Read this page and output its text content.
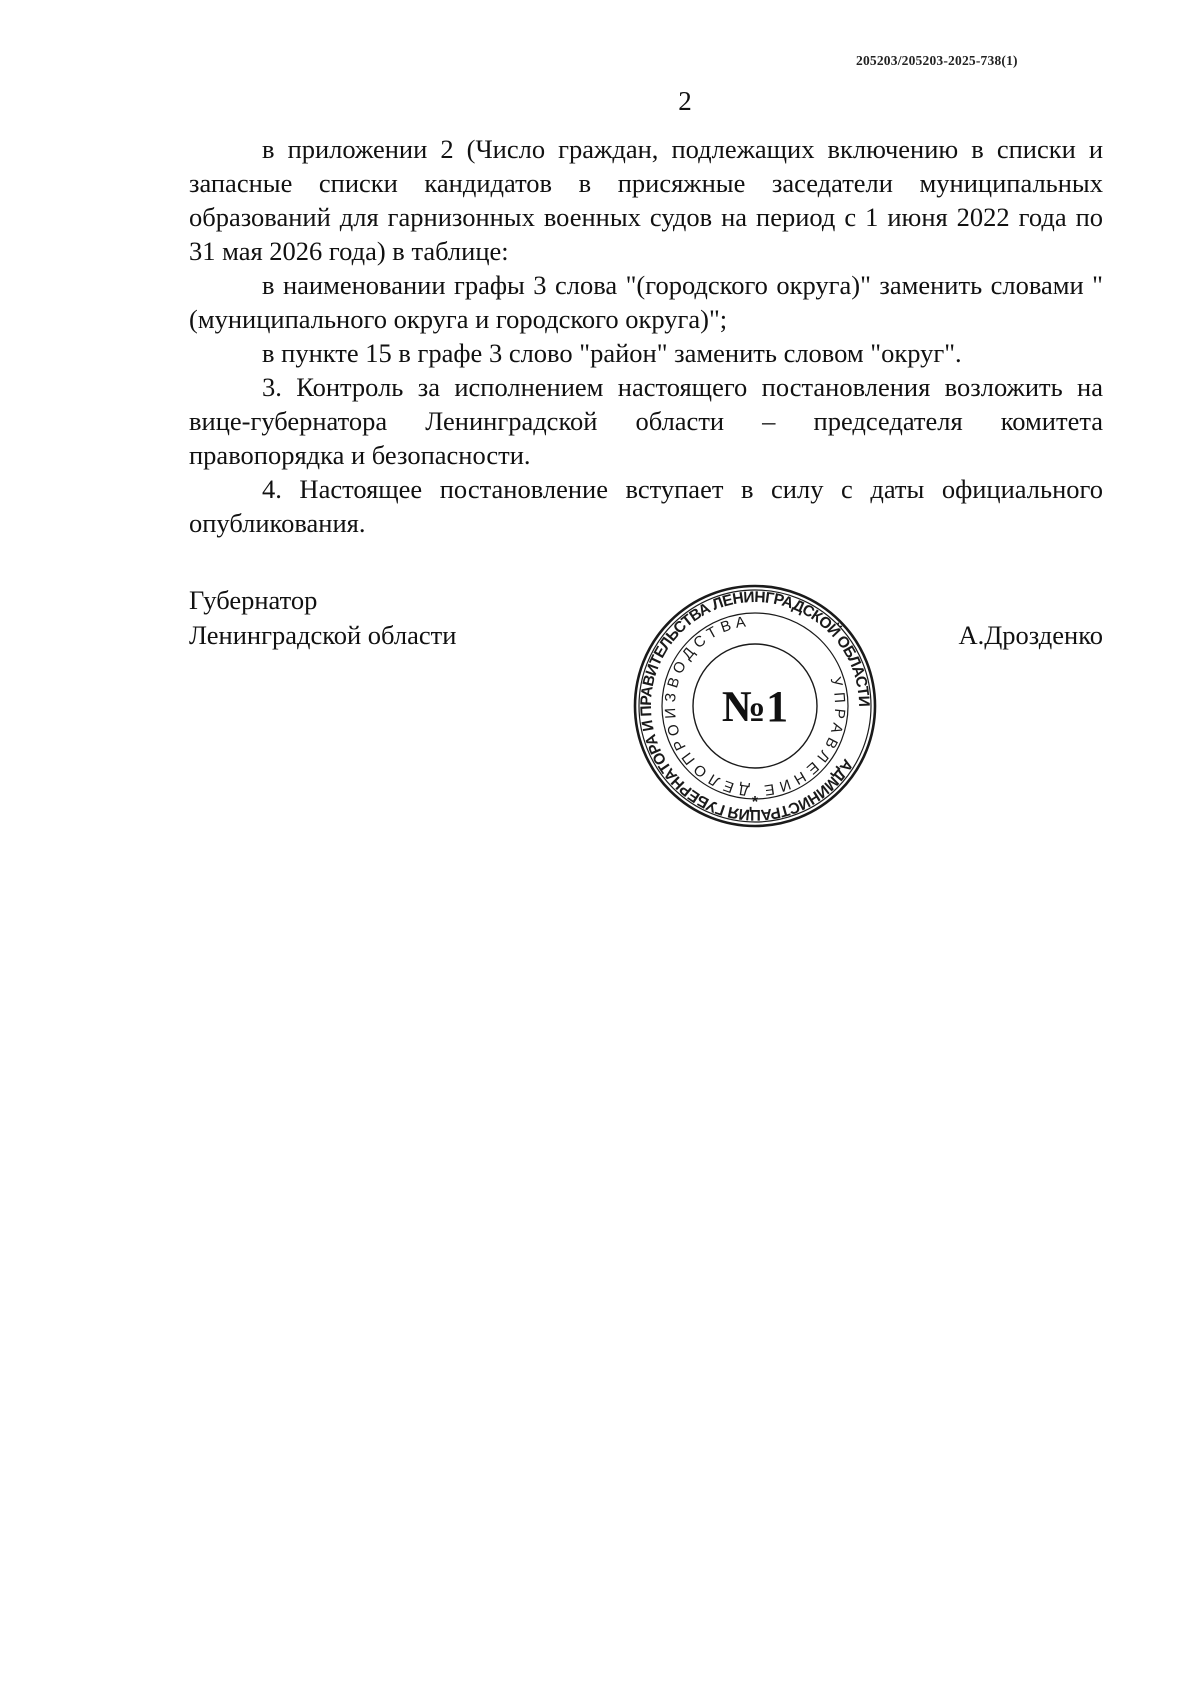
205203/205203-2025-738(1)
2

в приложении 2 (Число граждан, подлежащих включению в списки и запасные списки кандидатов в присяжные заседатели муниципальных образований для гарнизонных военных судов на период с 1 июня 2022 года по 31 мая 2026 года) в таблице:

в наименовании графы 3 слова "(городского округа)" заменить словами "(муниципального округа и городского округа)";

в пункте 15 в графе 3 слово "район" заменить словом "округ".

3. Контроль за исполнением настоящего постановления возложить на вице-губернатора Ленинградской области – председателя комитета правопорядка и безопасности.

4. Настоящее постановление вступает в силу с даты официального опубликования.

Губернатор
Ленинградской области	А.Дрозденко
АДМИНИСТРАЦИЯ ГУБЕРНАТОРА И ПРАВИТЕЛЬСТВА ЛЕНИНГРАДСКОЙ ОБЛАСТИ
УПРАВЛЕНИЕ ДЕЛОПРОИЗВОДСТВА
№1
*
